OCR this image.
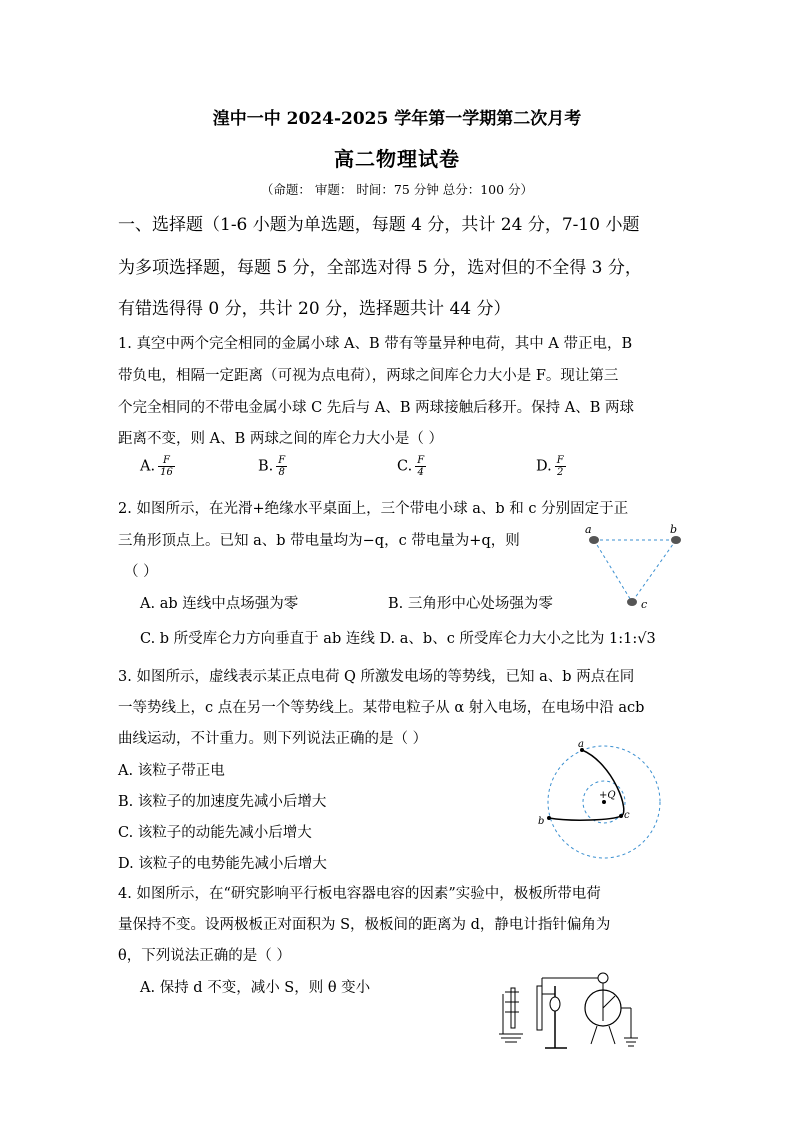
湟中一中 2024-2025 学年第一学期第二次月考
高二物理试卷
（命题： 审题： 时间：75 分钟 总分：100 分）
一、选择题（1-6 小题为单选题，每题 4 分，共计 24 分，7-10 小题
为多项选择题，每题 5 分，全部选对得 5 分，选对但的不全得 3 分，
有错选得得 0 分，共计 20 分，选择题共计 44 分）
1. 真空中两个完全相同的金属小球 A、B 带有等量异种电荷，其中 A 带正电，B
带负电，相隔一定距离（可视为点电荷），两球之间库仑力大小是 F。现让第三
个完全相同的不带电金属小球 C 先后与 A、B 两球接触后移开。保持 A、B 两球
距离不变，则 A、B 两球之间的库仑力大小是（ ）
A. $\frac{F}{16}$	B. $\frac{F}{8}$	C. $\frac{F}{4}$	D. $\frac{F}{2}$
2. 如图所示，在光滑+绝缘水平桌面上，三个带电小球 a、b 和 c 分别固定于正
三角形顶点上。已知 a、b 带电量均为−q，c 带电量为+q，则
（ ）
A. ab 连线中点场强为零	B. 三角形中心处场强为零
C. b 所受库仑力方向垂直于 ab 连线 D. a、b、c 所受库仑力大小之比为 1:1:√3
a	b
c
3. 如图所示，虚线表示某正点电荷 Q 所激发电场的等势线，已知 a、b 两点在同
一等势线上，c 点在另一个等势线上。某带电粒子从 α 射入电场，在电场中沿 acb
曲线运动，不计重力。则下列说法正确的是（ ）
A. 该粒子带正电
B. 该粒子的加速度先减小后增大
C. 该粒子的动能先减小后增大
D. 该粒子的电势能先减小后增大
a
b
c
+Q
4. 如图所示，在“研究影响平行板电容器电容的因素”实验中，极板所带电荷
量保持不变。设两极板正对面积为 S，极板间的距离为 d，静电计指针偏角为
θ，下列说法正确的是（ ）
A. 保持 d 不变，减小 S，则 θ 变小
